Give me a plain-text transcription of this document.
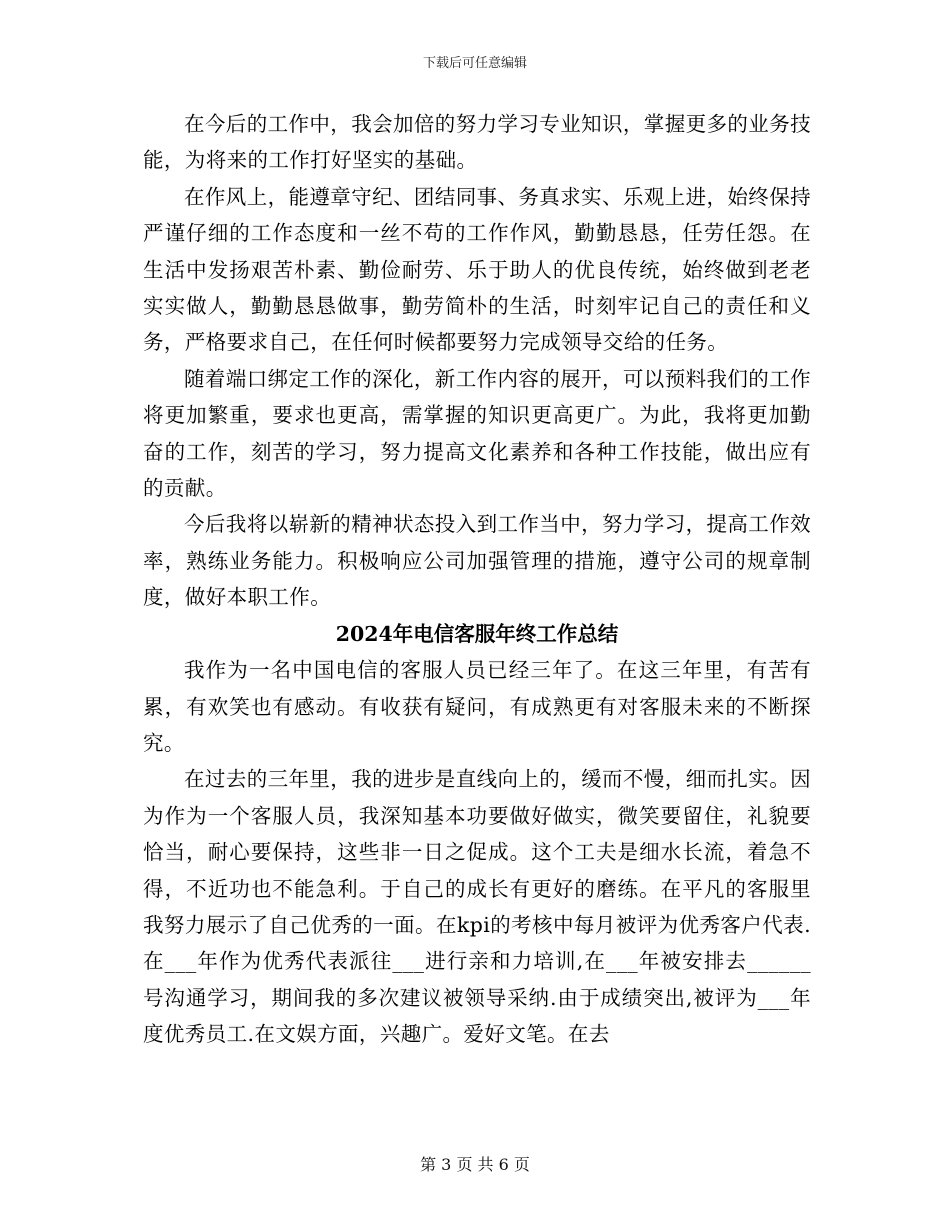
下载后可任意编辑

在今后的工作中，我会加倍的努力学习专业知识，掌握更多的业务技能，为将来的工作打好坚实的基础。

在作风上，能遵章守纪、团结同事、务真求实、乐观上进，始终保持严谨仔细的工作态度和一丝不苟的工作作风，勤勤恳恳，任劳任怨。在生活中发扬艰苦朴素、勤俭耐劳、乐于助人的优良传统，始终做到老老实实做人，勤勤恳恳做事，勤劳简朴的生活，时刻牢记自己的责任和义务，严格要求自己，在任何时候都要努力完成领导交给的任务。

随着端口绑定工作的深化，新工作内容的展开，可以预料我们的工作将更加繁重，要求也更高，需掌握的知识更高更广。为此，我将更加勤奋的工作，刻苦的学习，努力提高文化素养和各种工作技能，做出应有的贡献。

今后我将以崭新的精神状态投入到工作当中，努力学习，提高工作效率，熟练业务能力。积极响应公司加强管理的措施，遵守公司的规章制度，做好本职工作。

2024年电信客服年终工作总结

我作为一名中国电信的客服人员已经三年了。在这三年里，有苦有累，有欢笑也有感动。有收获有疑问，有成熟更有对客服未来的不断探究。

在过去的三年里，我的进步是直线向上的，缓而不慢，细而扎实。因为作为一个客服人员，我深知基本功要做好做实，微笑要留住，礼貌要恰当，耐心要保持，这些非一日之促成。这个工夫是细水长流，着急不得，不近功也不能急利。于自己的成长有更好的磨练。在平凡的客服里我努力展示了自己优秀的一面。在kpi的考核中每月被评为优秀客户代表.在___年作为优秀代表派往___进行亲和力培训,在___年被安排去______号沟通学习，期间我的多次建议被领导采纳.由于成绩突出,被评为___年度优秀员工.在文娱方面，兴趣广。爱好文笔。在去

第 3 页 共 6 页
